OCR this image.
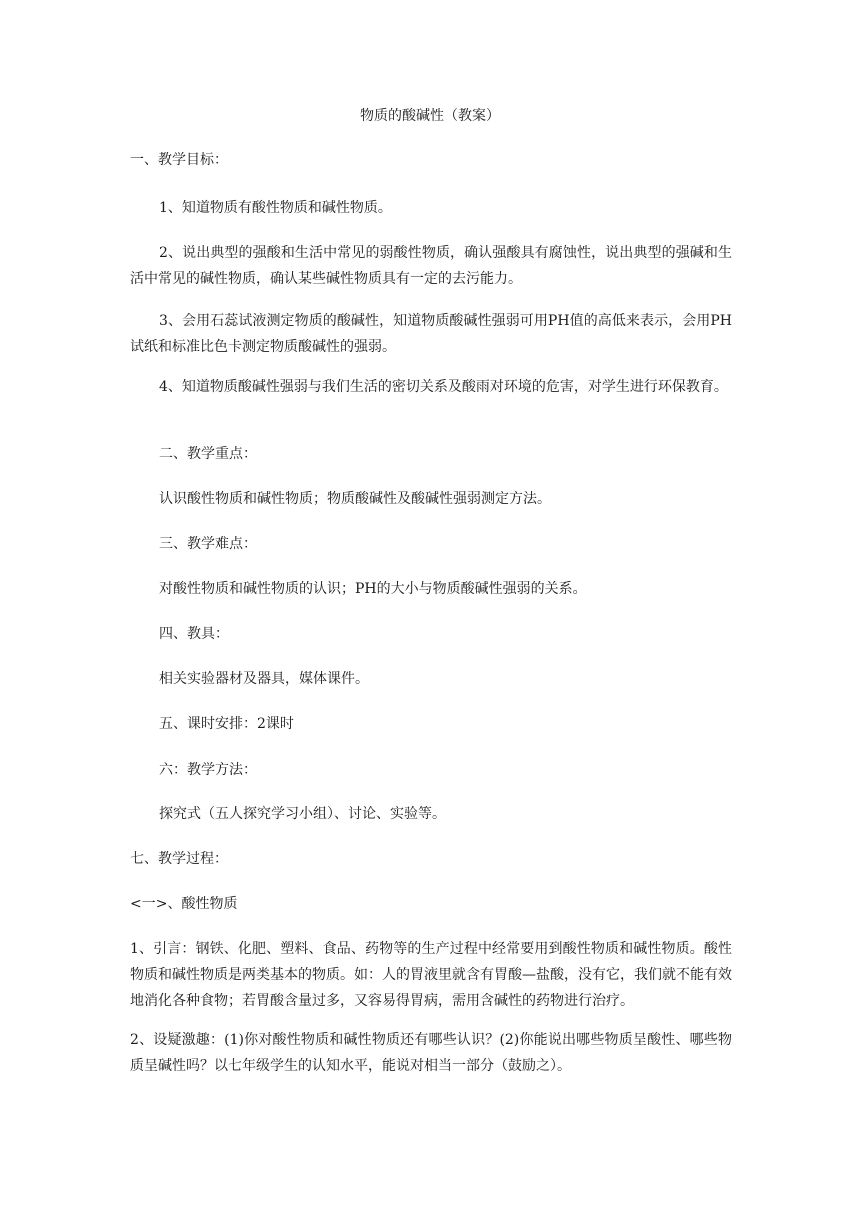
物质的酸碱性（教案）

一、教学目标：

1、知道物质有酸性物质和碱性物质。

2、说出典型的强酸和生活中常见的弱酸性物质，确认强酸具有腐蚀性，说出典型的强碱和生活中常见的碱性物质，确认某些碱性物质具有一定的去污能力。

3、会用石蕊试液测定物质的酸碱性，知道物质酸碱性强弱可用PH值的高低来表示，会用PH试纸和标准比色卡测定物质酸碱性的强弱。

4、知道物质酸碱性强弱与我们生活的密切关系及酸雨对环境的危害，对学生进行环保教育。

二、教学重点：

认识酸性物质和碱性物质；物质酸碱性及酸碱性强弱测定方法。

三、教学难点：

对酸性物质和碱性物质的认识；PH的大小与物质酸碱性强弱的关系。

四、教具：

相关实验器材及器具，媒体课件。

五、课时安排：2课时

六：教学方法：

探究式（五人探究学习小组）、讨论、实验等。

七、教学过程：

<一>、酸性物质

1、引言：钢铁、化肥、塑料、食品、药物等的生产过程中经常要用到酸性物质和碱性物质。酸性物质和碱性物质是两类基本的物质。如：人的胃液里就含有胃酸—盐酸，没有它，我们就不能有效地消化各种食物；若胃酸含量过多，又容易得胃病，需用含碱性的药物进行治疗。

2、设疑激趣：(1)你对酸性物质和碱性物质还有哪些认识？(2)你能说出哪些物质呈酸性、哪些物质呈碱性吗？以七年级学生的认知水平，能说对相当一部分（鼓励之）。
